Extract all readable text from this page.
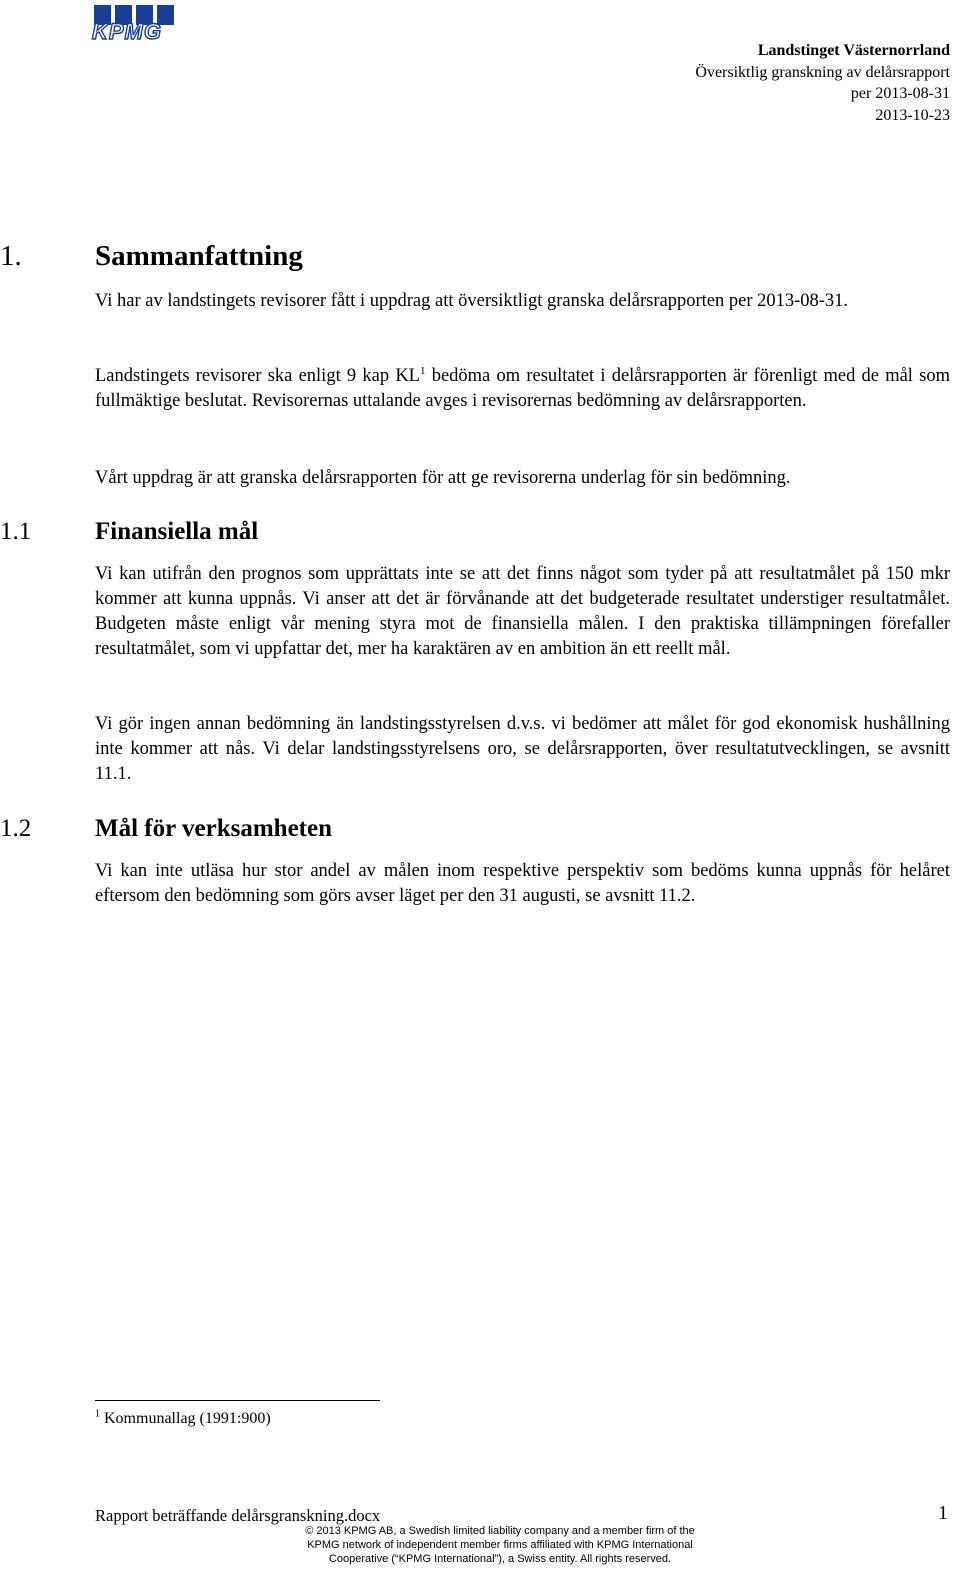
KPMG
Landstinget Västernorrland
Översiktlig granskning av delårsrapport
per 2013-08-31
2013-10-23
1.	Sammanfattning

Vi har av landstingets revisorer fått i uppdrag att översiktligt granska delårsrapporten per 2013-08-31.

Landstingets revisorer ska enligt 9 kap $KL^1$ bedöma om resultatet i delårsrapporten är förenligt med de mål som fullmäktige beslutat. Revisorernas uttalande avges i revisorernas bedömning av delårsrapporten.

Vårt uppdrag är att granska delårsrapporten för att ge revisorerna underlag för sin bedömning.

1.1	Finansiella mål

Vi kan utifrån den prognos som upprättats inte se att det finns något som tyder på att resultatmålet på 150 mkr kommer att kunna uppnås. Vi anser att det är förvånande att det budgeterade resultatet understiger resultatmålet. Budgeten måste enligt vår mening styra mot de finansiella målen. I den praktiska tillämpningen förefaller resultatmålet, som vi uppfattar det, mer ha karaktären av en ambition än ett reellt mål.

Vi gör ingen annan bedömning än landstingsstyrelsen d.v.s. vi bedömer att målet för god ekonomisk hushållning inte kommer att nås. Vi delar landstingsstyrelsens oro, se delårsrapporten, över resultatutvecklingen, se avsnitt 11.1.

1.2	Mål för verksamheten

Vi kan inte utläsa hur stor andel av målen inom respektive perspektiv som bedöms kunna uppnås för helåret eftersom den bedömning som görs avser läget per den 31 augusti, se avsnitt 11.2.

$^1$ Kommunallag (1991:900)
Rapport beträffande delårsgranskning.docx	1
© 2013 KPMG AB, a Swedish limited liability company and a member firm of the
KPMG network of independent member firms affiliated with KPMG International
Cooperative (“KPMG International”), a Swiss entity. All rights reserved.
